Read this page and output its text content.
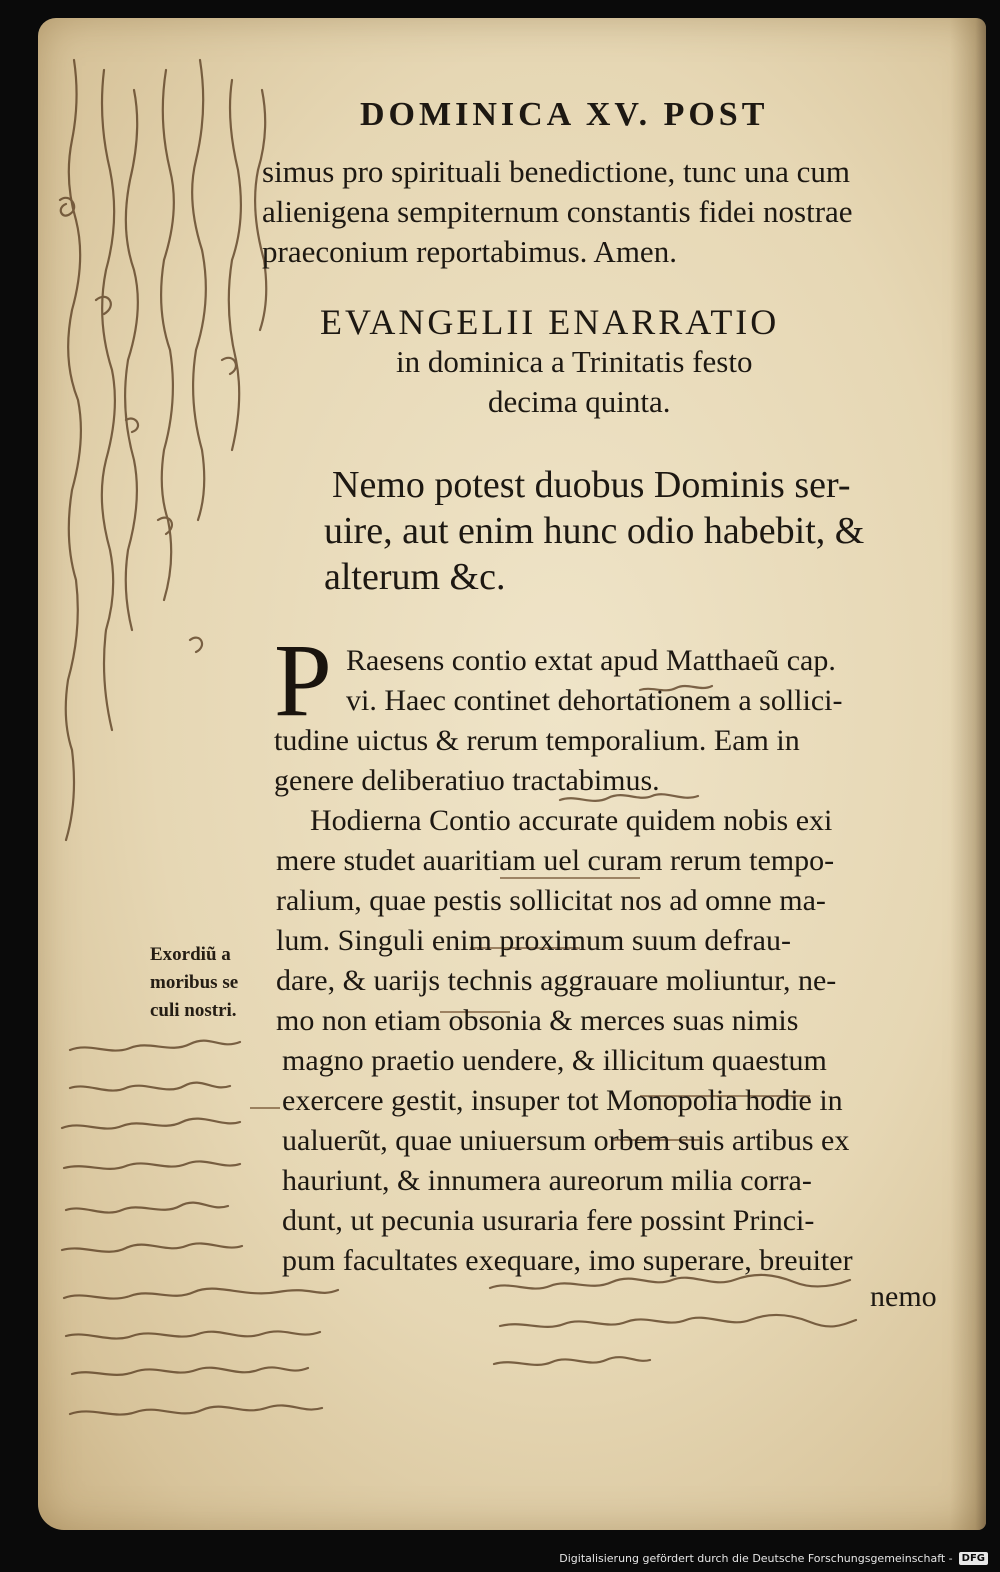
DOMINICA XV. POST
simus pro spirituali benedictione, tunc una cum
alienigena sempiternum constantis fidei nostrae
praeconium reportabimus. Amen.
EVANGELII ENARRATIO
in dominica a Trinitatis festo
decima quinta.
Nemo potest duobus Dominis ser-
uire, aut enim hunc odio habebit, &
alterum &c.
P Raesens contio extat apud Matthaeũ cap.
vi. Haec continet dehortationem a sollici-
tudine uictus & rerum temporalium. Eam in
genere deliberatiuo tractabimus.
Hodierna Contio accurate quidem nobis exi
mere studet auaritiam uel curam rerum tempo-
ralium, quae pestis sollicitat nos ad omne ma-
lum. Singuli enim proximum suum defrau-
dare, & uarijs technis aggrauare moliuntur, ne-
mo non etiam obsonia & merces suas nimis
magno praetio uendere, & illicitum quaestum
exercere gestit, insuper tot Monopolia hodie in
ualuerũt, quae uniuersum orbem suis artibus ex
hauriunt, & innumera aureorum milia corra-
dunt, ut pecunia usuraria fere possint Princi-
pum facultates exequare, imo superare, breuiter
nemo
Exordiũ a
moribus se
culi nostri.
Digitalisierung gefördert durch die Deutsche Forschungsgemeinschaft - DFG
